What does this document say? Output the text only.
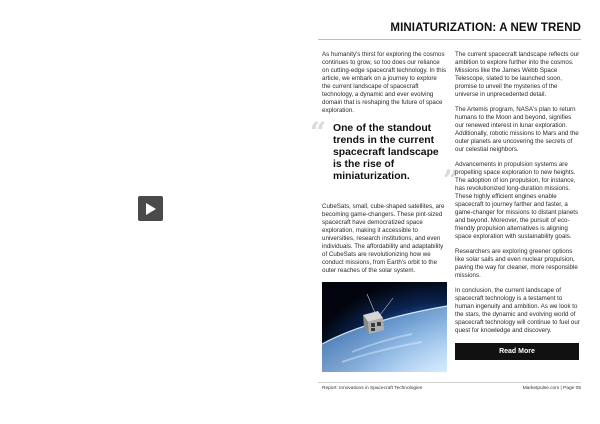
MINIATURIZATION: A NEW TREND

As humanity's thirst for exploring the cosmos continues to grow, so too does our reliance on cutting-edge spacecraft technology. In this article, we embark on a journey to explore the current landscape of spacecraft technology, a dynamic and ever evolving domain that is reshaping the future of space exploration.

“ One of the standout trends in the current spacecraft landscape is the rise of miniaturization.	”

CubeSats, small, cube-shaped satellites, are becoming game-changers. These pint-sized spacecraft have democratized space exploration, making it accessible to universities, research institutions, and even individuals. The affordability and adaptability of CubeSats are revolutionizing how we conduct missions, from Earth's orbit to the outer reaches of the solar system.

The current spacecraft landscape reflects our ambition to explore further into the cosmos. Missions like the James Webb Space Telescope, slated to be launched soon, promise to unveil the mysteries of the universe in unprecedented detail.

The Artemis program, NASA's plan to return humans to the Moon and beyond, signifies our renewed interest in lunar exploration. Additionally, robotic missions to Mars and the outer planets are uncovering the secrets of our celestial neighbors.

Advancements in propulsion systems are propelling space exploration to new heights. The adoption of ion propulsion, for instance, has revolutionized long-duration missions. These highly efficient engines enable spacecraft to journey farther and faster, a game-changer for missions to distant planets and beyond. Moreover, the pursuit of eco-friendly propulsion alternatives is aligning space exploration with sustainability goals.

Researchers are exploring greener options like solar sails and even nuclear propulsion, paving the way for cleaner, more responsible missions.

In conclusion, the current landscape of spacecraft technology is a testament to human ingenuity and ambition. As we look to the stars, the dynamic and evolving world of spacecraft technology will continue to fuel our quest for knowledge and discovery.

Read More
Report: Innovations in Spacecraft Technologies	Marketpulse.com | Page 05
